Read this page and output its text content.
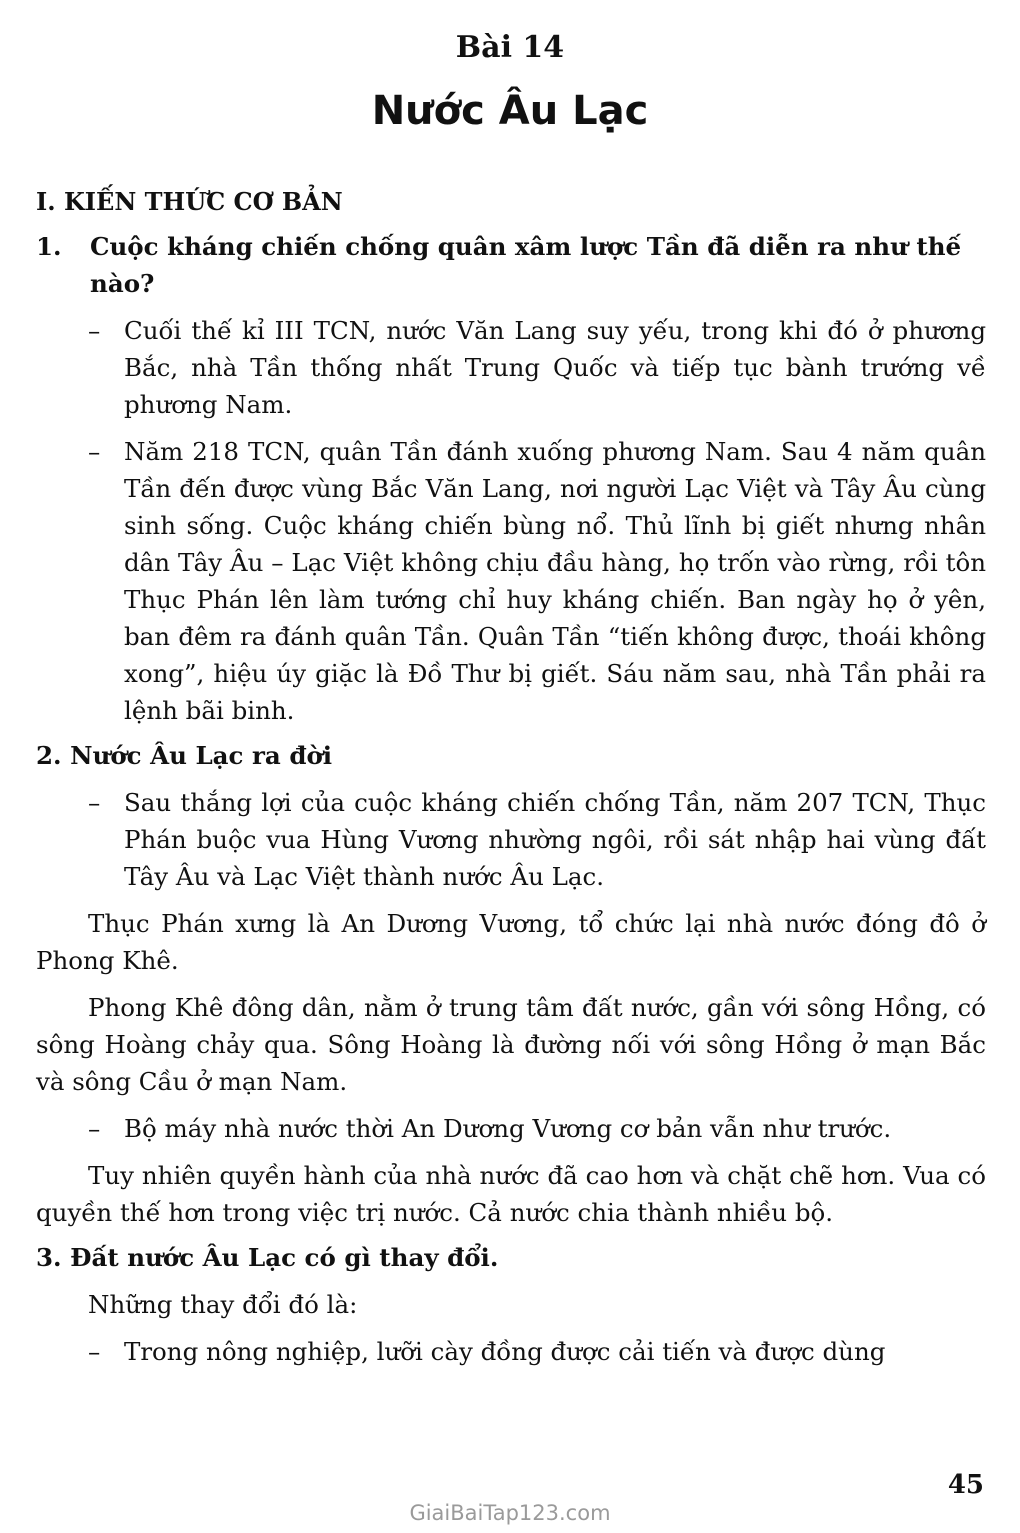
Bài 14
Nước Âu Lạc

I. KIẾN THỨC CƠ BẢN

1.	Cuộc kháng chiến chống quân xâm lược Tần đã diễn ra như thế nào?

– Cuối thế kỉ III TCN, nước Văn Lang suy yếu, trong khi đó ở phương Bắc, nhà Tần thống nhất Trung Quốc và tiếp tục bành trướng về phương Nam.

– Năm 218 TCN, quân Tần đánh xuống phương Nam. Sau 4 năm quân Tần đến được vùng Bắc Văn Lang, nơi người Lạc Việt và Tây Âu cùng sinh sống. Cuộc kháng chiến bùng nổ. Thủ lĩnh bị giết nhưng nhân dân Tây Âu – Lạc Việt không chịu đầu hàng, họ trốn vào rừng, rồi tôn Thục Phán lên làm tướng chỉ huy kháng chiến. Ban ngày họ ở yên, ban đêm ra đánh quân Tần. Quân Tần “tiến không được, thoái không xong”, hiệu úy giặc là Đồ Thư bị giết. Sáu năm sau, nhà Tần phải ra lệnh bãi binh.

2. Nước Âu Lạc ra đời

– Sau thắng lợi của cuộc kháng chiến chống Tần, năm 207 TCN, Thục Phán buộc vua Hùng Vương nhường ngôi, rồi sát nhập hai vùng đất Tây Âu và Lạc Việt thành nước Âu Lạc.

Thục Phán xưng là An Dương Vương, tổ chức lại nhà nước đóng đô ở Phong Khê.

Phong Khê đông dân, nằm ở trung tâm đất nước, gần với sông Hồng, có sông Hoàng chảy qua. Sông Hoàng là đường nối với sông Hồng ở mạn Bắc và sông Cầu ở mạn Nam.

– Bộ máy nhà nước thời An Dương Vương cơ bản vẫn như trước.

Tuy nhiên quyền hành của nhà nước đã cao hơn và chặt chẽ hơn. Vua có quyền thế hơn trong việc trị nước. Cả nước chia thành nhiều bộ.

3. Đất nước Âu Lạc có gì thay đổi.

Những thay đổi đó là:

– Trong nông nghiệp, lưỡi cày đồng được cải tiến và được dùng

45
GiaiBaiTap123.com
